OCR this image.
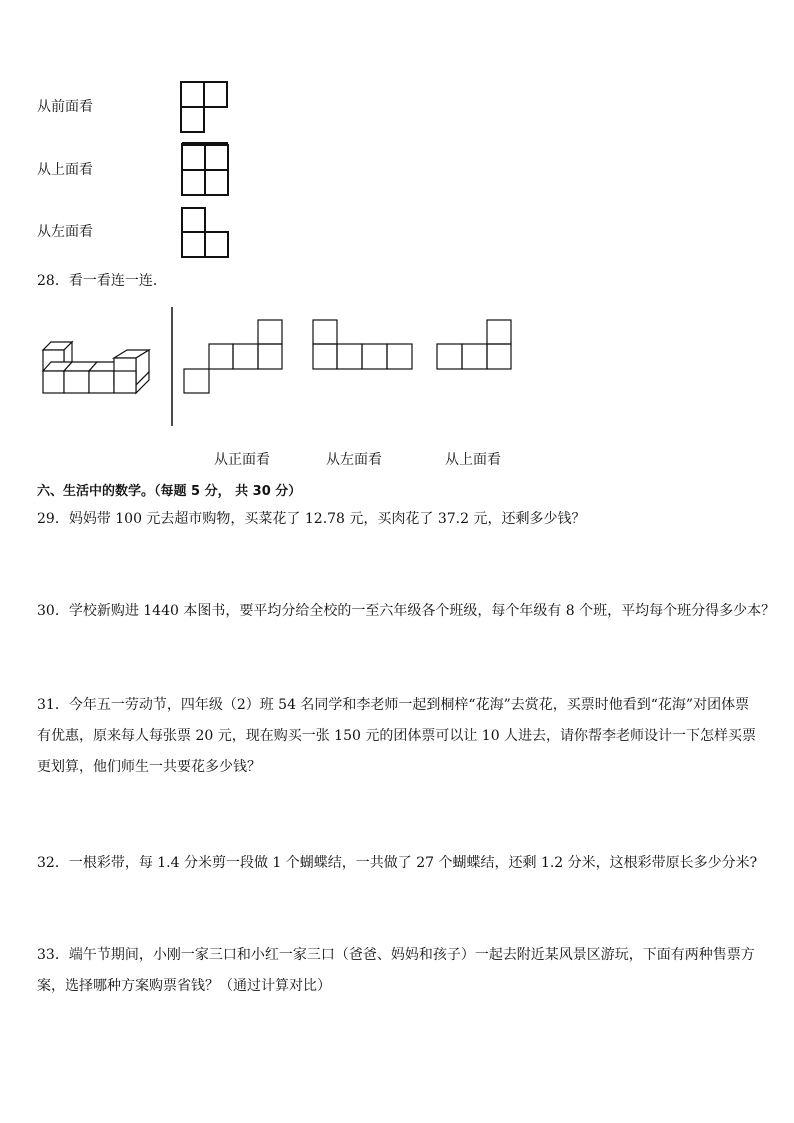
从前面看
从上面看
从左面看
28．看一看连一连．
从正面看	从左面看	从上面看
六、生活中的数学。（每题 5 分， 共 30 分）
29．妈妈带 100 元去超市购物，买菜花了 12.78 元，买肉花了 37.2 元，还剩多少钱？
30．学校新购进 1440 本图书，要平均分给全校的一至六年级各个班级，每个年级有 8 个班，平均每个班分得多少本？
31．今年五一劳动节，四年级（2）班 54 名同学和李老师一起到桐梓“花海”去赏花，买票时他看到“花海”对团体票有优惠，原来每人每张票 20 元，现在购买一张 150 元的团体票可以让 10 人进去，请你帮李老师设计一下怎样买票更划算，他们师生一共要花多少钱？
32．一根彩带，每 1.4 分米剪一段做 1 个蝴蝶结，一共做了 27 个蝴蝶结，还剩 1.2 分米，这根彩带原长多少分米?
33．端午节期间，小刚一家三口和小红一家三口（爸爸、妈妈和孩子）一起去附近某风景区游玩，下面有两种售票方案，选择哪种方案购票省钱？（通过计算对比）
